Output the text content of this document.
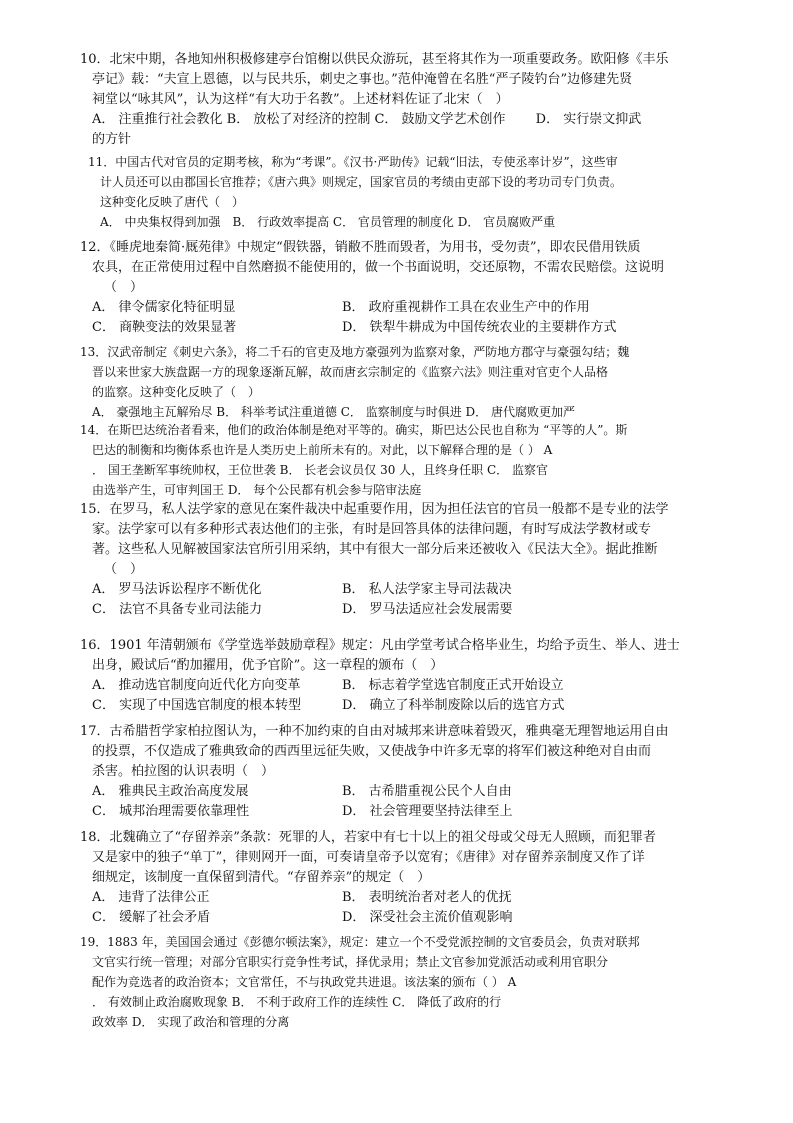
10．北宋中期，各地知州积极修建亭台馆榭以供民众游玩，甚至将其作为一项重要政务。欧阳修《丰乐
亭记》载：“夫宣上恩德，以与民共乐，刺史之事也。”范仲淹曾在名胜“严子陵钓台”边修建先贤
祠堂以“咏其风”，认为这样“有大功于名教”。上述材料佐证了北宋（　）
A． 注重推行社会教化 B． 放松了对经济的控制 C． 鼓励文学艺术创作 　　D． 实行崇文抑武
的方针
11．中国古代对官员的定期考核，称为“考课”。《汉书·严助传》记载“旧法，专使丞率计岁”，这些审
计人员还可以由郡国长官推荐；《唐六典》则规定，国家官员的考绩由吏部下设的考功司专门负责。
这种变化反映了唐代（　）
A． 中央集权得到加强　B． 行政效率提高 C． 官员管理的制度化 D． 官员腐败严重
12．《睡虎地秦简·厩苑律》中规定“假铁器，销敝不胜而毁者，为用书，受勿责”，即农民借用铁质
农具，在正常使用过程中自然磨损不能使用的，做一个书面说明，交还原物，不需农民赔偿。这说明
（　）
A． 律令儒家化特征明显	B． 政府重视耕作工具在农业生产中的作用
C． 商鞅变法的效果显著	D． 铁犁牛耕成为中国传统农业的主要耕作方式
13．汉武帝制定《刺史六条》，将二千石的官吏及地方豪强列为监察对象，严防地方郡守与豪强勾结；魏
晋以来世家大族盘踞一方的现象逐渐瓦解，故而唐玄宗制定的《监察六法》则注重对官吏个人品格
的监察。这种变化反映了（　）
A． 豪强地主瓦解殆尽 B． 科举考试注重道德 C． 监察制度与时俱进 D． 唐代腐败更加严
14．在斯巴达统治者看来，他们的政治体制是绝对平等的。确实，斯巴达公民也自称为 “平等的人”。斯
巴达的制衡和均衡体系也许是人类历史上前所未有的。对此，以下解释合理的是（ ） A
． 国王垄断军事统帅权，王位世袭 B． 长老会议员仅 30 人，且终身任职 C． 监察官
由选举产生，可审判国王 D． 每个公民都有机会参与陪审法庭
15．在罗马，私人法学家的意见在案件裁决中起重要作用，因为担任法官的官员一般都不是专业的法学
家。法学家可以有多种形式表达他们的主张，有时是回答具体的法律问题，有时写成法学教材或专
著。这些私人见解被国家法官所引用采纳，其中有很大一部分后来还被收入《民法大全》。据此推断
（　）
A． 罗马法诉讼程序不断优化	B． 私人法学家主导司法裁决
C． 法官不具备专业司法能力	D． 罗马法适应社会发展需要
16．1901 年清朝颁布《学堂选举鼓励章程》规定：凡由学堂考试合格毕业生，均给予贡生、举人、进士
出身，殿试后“酌加擢用，优予官阶”。这一章程的颁布（　）
A． 推动选官制度向近代化方向变革	B． 标志着学堂选官制度正式开始设立
C． 实现了中国选官制度的根本转型	D． 确立了科举制废除以后的选官方式
17．古希腊哲学家柏拉图认为，一种不加约束的自由对城邦来讲意味着毁灭，雅典毫无理智地运用自由
的投票，不仅造成了雅典致命的西西里远征失败，又使战争中许多无辜的将军们被这种绝对自由而
杀害。柏拉图的认识表明（　）
A． 雅典民主政治高度发展	B． 古希腊重视公民个人自由
C． 城邦治理需要依靠理性	D． 社会管理要坚持法律至上
18．北魏确立了“存留养亲”条款：死罪的人，若家中有七十以上的祖父母或父母无人照顾，而犯罪者
又是家中的独子“单丁”，律则网开一面，可奏请皇帝予以宽宥；《唐律》对存留养亲制度又作了详
细规定，该制度一直保留到清代。“存留养亲”的规定（　）
A． 违背了法律公正	B． 表明统治者对老人的优抚
C． 缓解了社会矛盾	D． 深受社会主流价值观影响
19．1883 年，美国国会通过《彭德尔顿法案》，规定：建立一个不受党派控制的文官委员会，负责对联邦
文官实行统一管理；对部分官职实行竞争性考试，择优录用；禁止文官参加党派活动或利用官职分
配作为竞选者的政治资本；文官常任，不与执政党共进退。该法案的颁布（ ） A
． 有效制止政治腐败现象 B． 不利于政府工作的连续性 C． 降低了政府的行
政效率 D． 实现了政治和管理的分离
